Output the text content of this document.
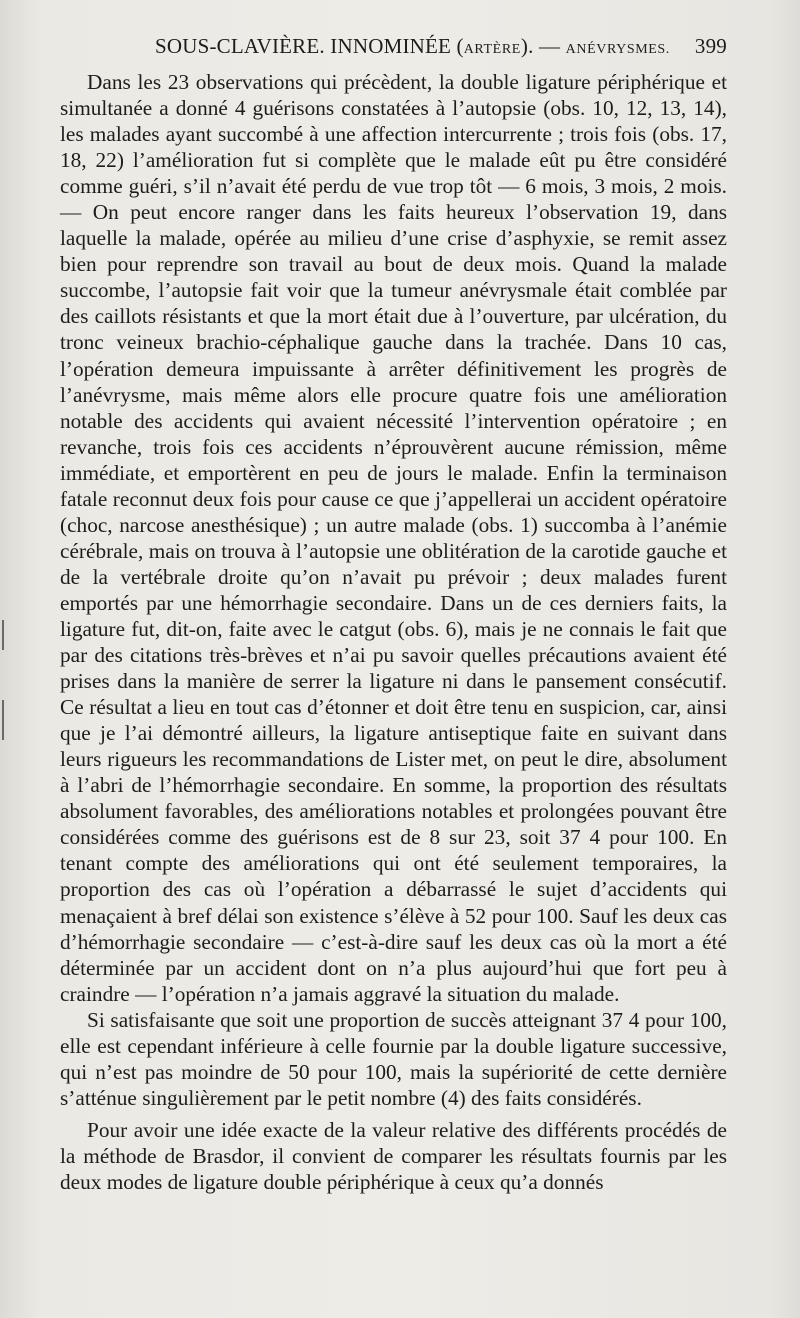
SOUS-CLAVIÈRE. INNOMINÉE (ARTÈRE). — ANÉVRYSMES. 399

Dans les 23 observations qui précèdent, la double ligature périphérique et simultanée a donné 4 guérisons constatées à l’autopsie (obs. 10, 12, 13, 14), les malades ayant succombé à une affection intercurrente ; trois fois (obs. 17, 18, 22) l’amélioration fut si complète que le malade eût pu être considéré comme guéri, s’il n’avait été perdu de vue trop tôt — 6 mois, 3 mois, 2 mois. — On peut encore ranger dans les faits heureux l’observation 19, dans laquelle la malade, opérée au milieu d’une crise d’asphyxie, se remit assez bien pour reprendre son travail au bout de deux mois. Quand la malade succombe, l’autopsie fait voir que la tumeur anévrysmale était comblée par des caillots résistants et que la mort était due à l’ouverture, par ulcération, du tronc veineux brachio-céphalique gauche dans la trachée. Dans 10 cas, l’opération demeura impuissante à arrêter définitivement les progrès de l’anévrysme, mais même alors elle procure quatre fois une amélioration notable des accidents qui avaient nécessité l’intervention opératoire ; en revanche, trois fois ces accidents n’éprouvèrent aucune rémission, même immédiate, et emportèrent en peu de jours le malade. Enfin la terminaison fatale reconnut deux fois pour cause ce que j’appellerai un accident opératoire (choc, narcose anesthésique) ; un autre malade (obs. 1) succomba à l’anémie cérébrale, mais on trouva à l’autopsie une oblitération de la carotide gauche et de la vertébrale droite qu’on n’avait pu prévoir ; deux malades furent emportés par une hémorrhagie secondaire. Dans un de ces derniers faits, la ligature fut, dit-on, faite avec le catgut (obs. 6), mais je ne connais le fait que par des citations très-brèves et n’ai pu savoir quelles précautions avaient été prises dans la manière de serrer la ligature ni dans le pansement consécutif. Ce résultat a lieu en tout cas d’étonner et doit être tenu en suspicion, car, ainsi que je l’ai démontré ailleurs, la ligature antiseptique faite en suivant dans leurs rigueurs les recommandations de Lister met, on peut le dire, absolument à l’abri de l’hémorrhagie secondaire. En somme, la proportion des résultats absolument favorables, des améliorations notables et prolongées pouvant être considérées comme des guérisons est de 8 sur 23, soit 37 4 pour 100. En tenant compte des améliorations qui ont été seulement temporaires, la proportion des cas où l’opération a débarrassé le sujet d’accidents qui menaçaient à bref délai son existence s’élève à 52 pour 100. Sauf les deux cas d’hémorrhagie secondaire — c’est-à-dire sauf les deux cas où la mort a été déterminée par un accident dont on n’a plus aujourd’hui que fort peu à craindre — l’opération n’a jamais aggravé la situation du malade.

Si satisfaisante que soit une proportion de succès atteignant 37 4 pour 100, elle est cependant inférieure à celle fournie par la double ligature successive, qui n’est pas moindre de 50 pour 100, mais la supériorité de cette dernière s’atténue singulièrement par le petit nombre (4) des faits considérés.

Pour avoir une idée exacte de la valeur relative des différents procédés de la méthode de Brasdor, il convient de comparer les résultats fournis par les deux modes de ligature double périphérique à ceux qu’a donnés
